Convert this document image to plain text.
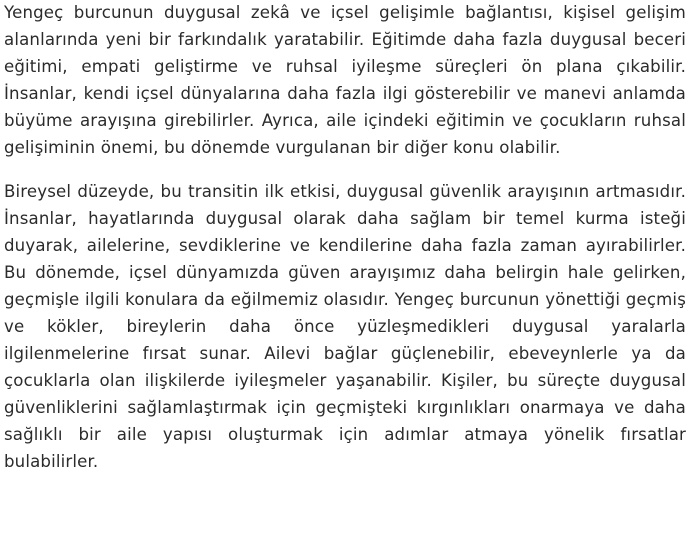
Yengeç burcunun duygusal zekâ ve içsel gelişimle bağlantısı, kişisel gelişim alanlarında yeni bir farkındalık yaratabilir. Eğitimde daha fazla duygusal beceri eğitimi, empati geliştirme ve ruhsal iyileşme süreçleri ön plana çıkabilir. İnsanlar, kendi içsel dünyalarına daha fazla ilgi gösterebilir ve manevi anlamda büyüme arayışına girebilirler. Ayrıca, aile içindeki eğitimin ve çocukların ruhsal gelişiminin önemi, bu dönemde vurgulanan bir diğer konu olabilir.

Bireysel düzeyde, bu transitin ilk etkisi, duygusal güvenlik arayışının artmasıdır. İnsanlar, hayatlarında duygusal olarak daha sağlam bir temel kurma isteği duyarak, ailelerine, sevdiklerine ve kendilerine daha fazla zaman ayırabilirler. Bu dönemde, içsel dünyamızda güven arayışımız daha belirgin hale gelirken, geçmişle ilgili konulara da eğilmemiz olasıdır. Yengeç burcunun yönettiği geçmiş ve kökler, bireylerin daha önce yüzleşmedikleri duygusal yaralarla ilgilenmelerine fırsat sunar. Ailevi bağlar güçlenebilir, ebeveynlerle ya da çocuklarla olan ilişkilerde iyileşmeler yaşanabilir. Kişiler, bu süreçte duygusal güvenliklerini sağlamlaştırmak için geçmişteki kırgınlıkları onarmaya ve daha sağlıklı bir aile yapısı oluşturmak için adımlar atmaya yönelik fırsatlar bulabilirler.
